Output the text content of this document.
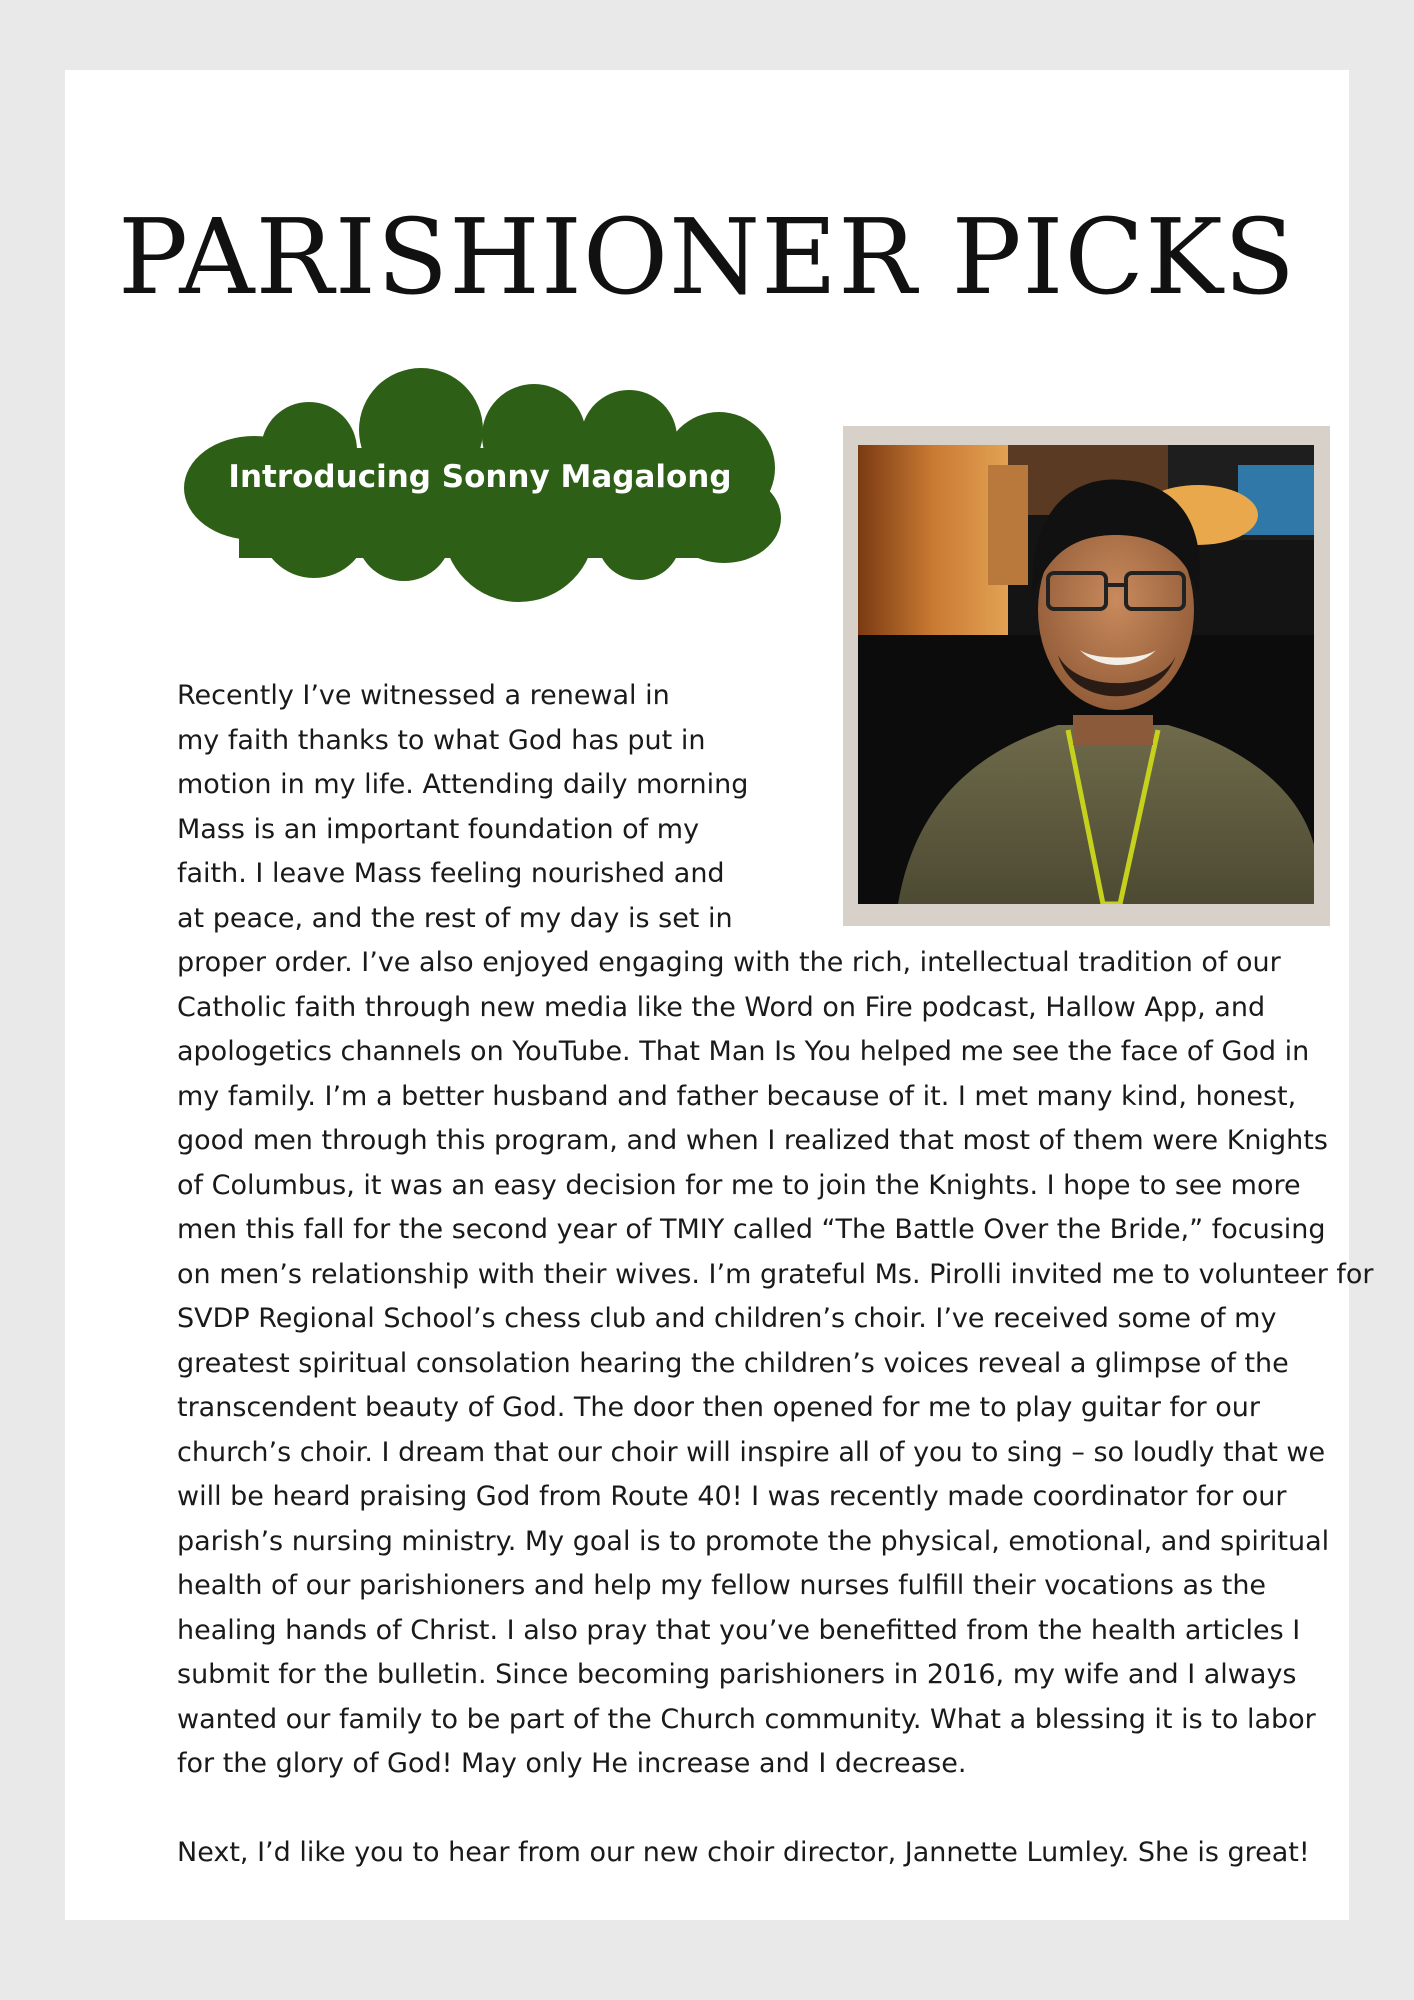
PARISHIONER PICKS
Introducing Sonny Magalong
Recently I’ve witnessed a renewal in
my faith thanks to what God has put in
motion in my life. Attending daily morning
Mass is an important foundation of my
faith. I leave Mass feeling nourished and
at peace, and the rest of my day is set in
proper order. I’ve also enjoyed engaging with the rich, intellectual tradition of our
Catholic faith through new media like the Word on Fire podcast, Hallow App, and
apologetics channels on YouTube. That Man Is You helped me see the face of God in
my family. I’m a better husband and father because of it. I met many kind, honest,
good men through this program, and when I realized that most of them were Knights
of Columbus, it was an easy decision for me to join the Knights. I hope to see more
men this fall for the second year of TMIY called “The Battle Over the Bride,” focusing
on men’s relationship with their wives. I’m grateful Ms. Pirolli invited me to volunteer for
SVDP Regional School’s chess club and children’s choir. I’ve received some of my
greatest spiritual consolation hearing the children’s voices reveal a glimpse of the
transcendent beauty of God. The door then opened for me to play guitar for our
church’s choir. I dream that our choir will inspire all of you to sing – so loudly that we
will be heard praising God from Route 40! I was recently made coordinator for our
parish’s nursing ministry. My goal is to promote the physical, emotional, and spiritual
health of our parishioners and help my fellow nurses fulfill their vocations as the
healing hands of Christ. I also pray that you’ve benefitted from the health articles I
submit for the bulletin. Since becoming parishioners in 2016, my wife and I always
wanted our family to be part of the Church community. What a blessing it is to labor
for the glory of God! May only He increase and I decrease.
Next, I’d like you to hear from our new choir director, Jannette Lumley. She is great!
